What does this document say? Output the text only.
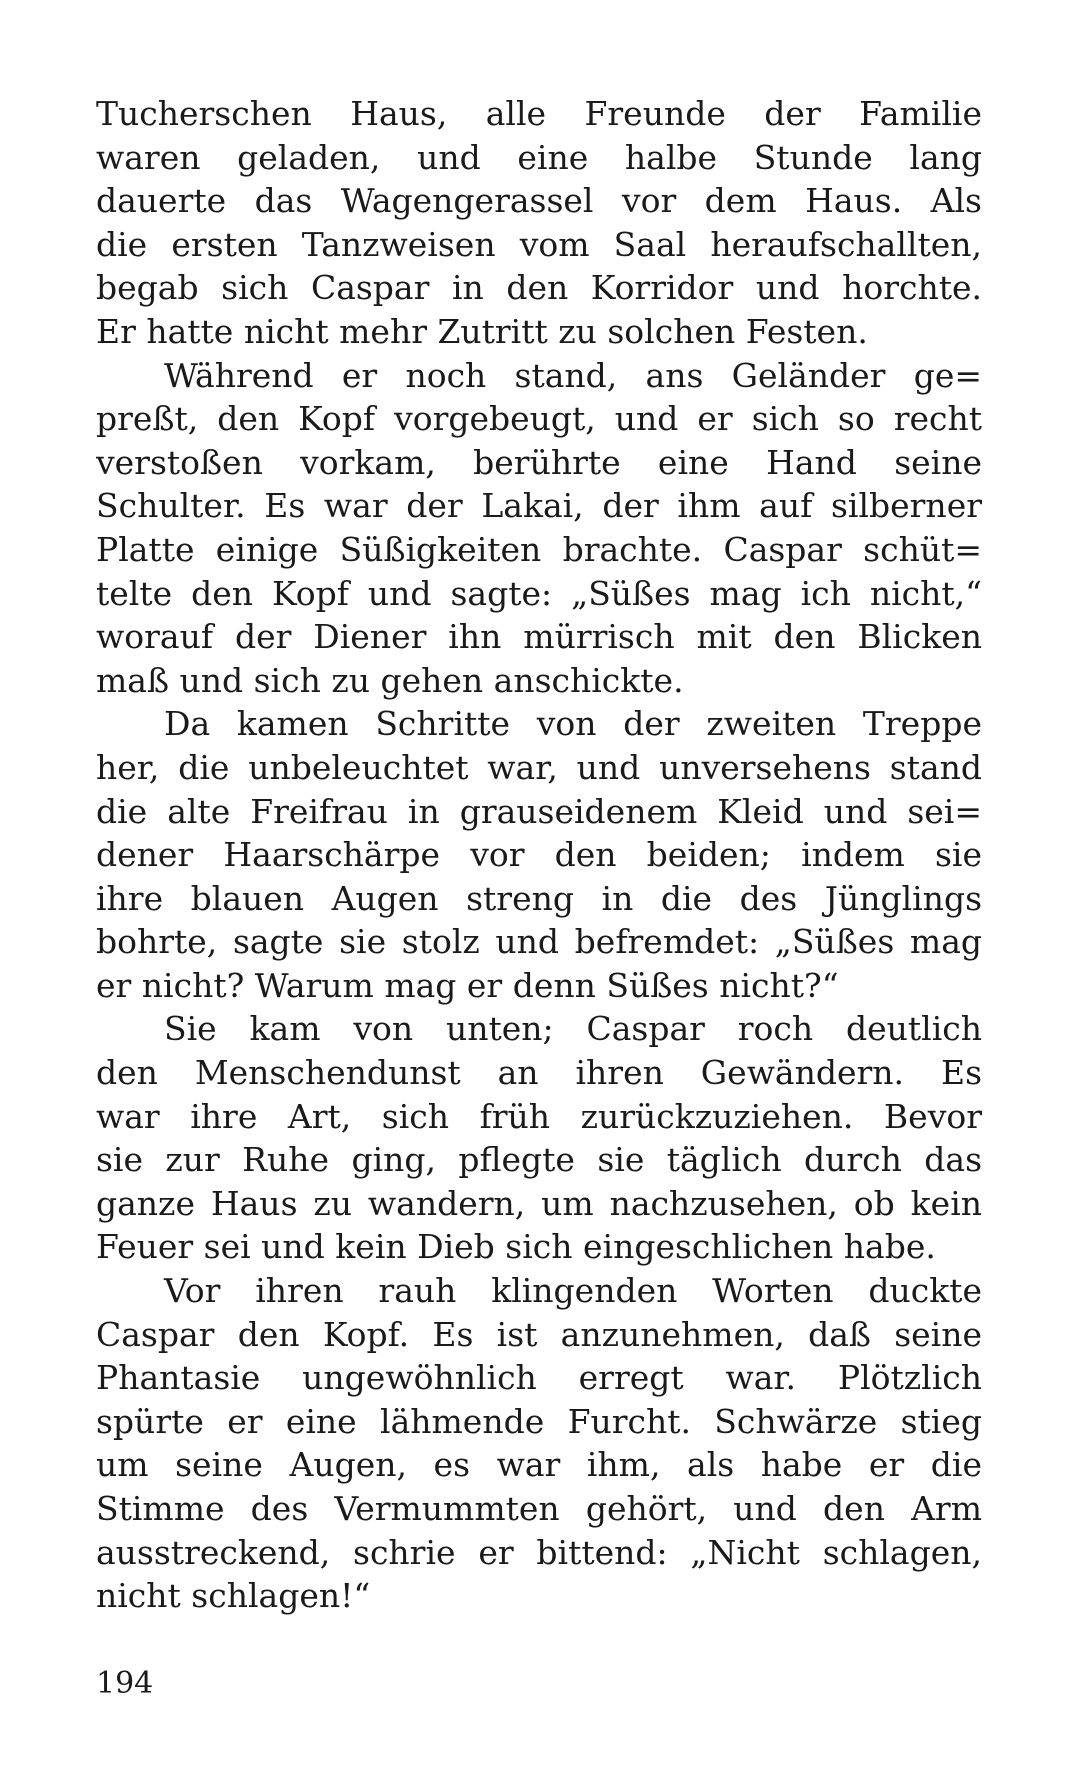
Tucherschen Haus, alle Freunde der Familie
waren geladen, und eine halbe Stunde lang
dauerte das Wagengerassel vor dem Haus. Als
die ersten Tanzweisen vom Saal heraufschallten,
begab sich Caspar in den Korridor und horchte.
Er hatte nicht mehr Zutritt zu solchen Festen.
Während er noch stand, ans Geländer ge=
preßt, den Kopf vorgebeugt, und er sich so recht
verstoßen vorkam, berührte eine Hand seine
Schulter. Es war der Lakai, der ihm auf silberner
Platte einige Süßigkeiten brachte. Caspar schüt=
telte den Kopf und sagte: „Süßes mag ich nicht,“
worauf der Diener ihn mürrisch mit den Blicken
maß und sich zu gehen anschickte.
Da kamen Schritte von der zweiten Treppe
her, die unbeleuchtet war, und unversehens stand
die alte Freifrau in grauseidenem Kleid und sei=
dener Haarschärpe vor den beiden; indem sie
ihre blauen Augen streng in die des Jünglings
bohrte, sagte sie stolz und befremdet: „Süßes mag
er nicht? Warum mag er denn Süßes nicht?“
Sie kam von unten; Caspar roch deutlich
den Menschendunst an ihren Gewändern. Es
war ihre Art, sich früh zurückzuziehen. Bevor
sie zur Ruhe ging, pflegte sie täglich durch das
ganze Haus zu wandern, um nachzusehen, ob kein
Feuer sei und kein Dieb sich eingeschlichen habe.
Vor ihren rauh klingenden Worten duckte
Caspar den Kopf. Es ist anzunehmen, daß seine
Phantasie ungewöhnlich erregt war. Plötzlich
spürte er eine lähmende Furcht. Schwärze stieg
um seine Augen, es war ihm, als habe er die
Stimme des Vermummten gehört, und den Arm
ausstreckend, schrie er bittend: „Nicht schlagen,
nicht schlagen!“
194
